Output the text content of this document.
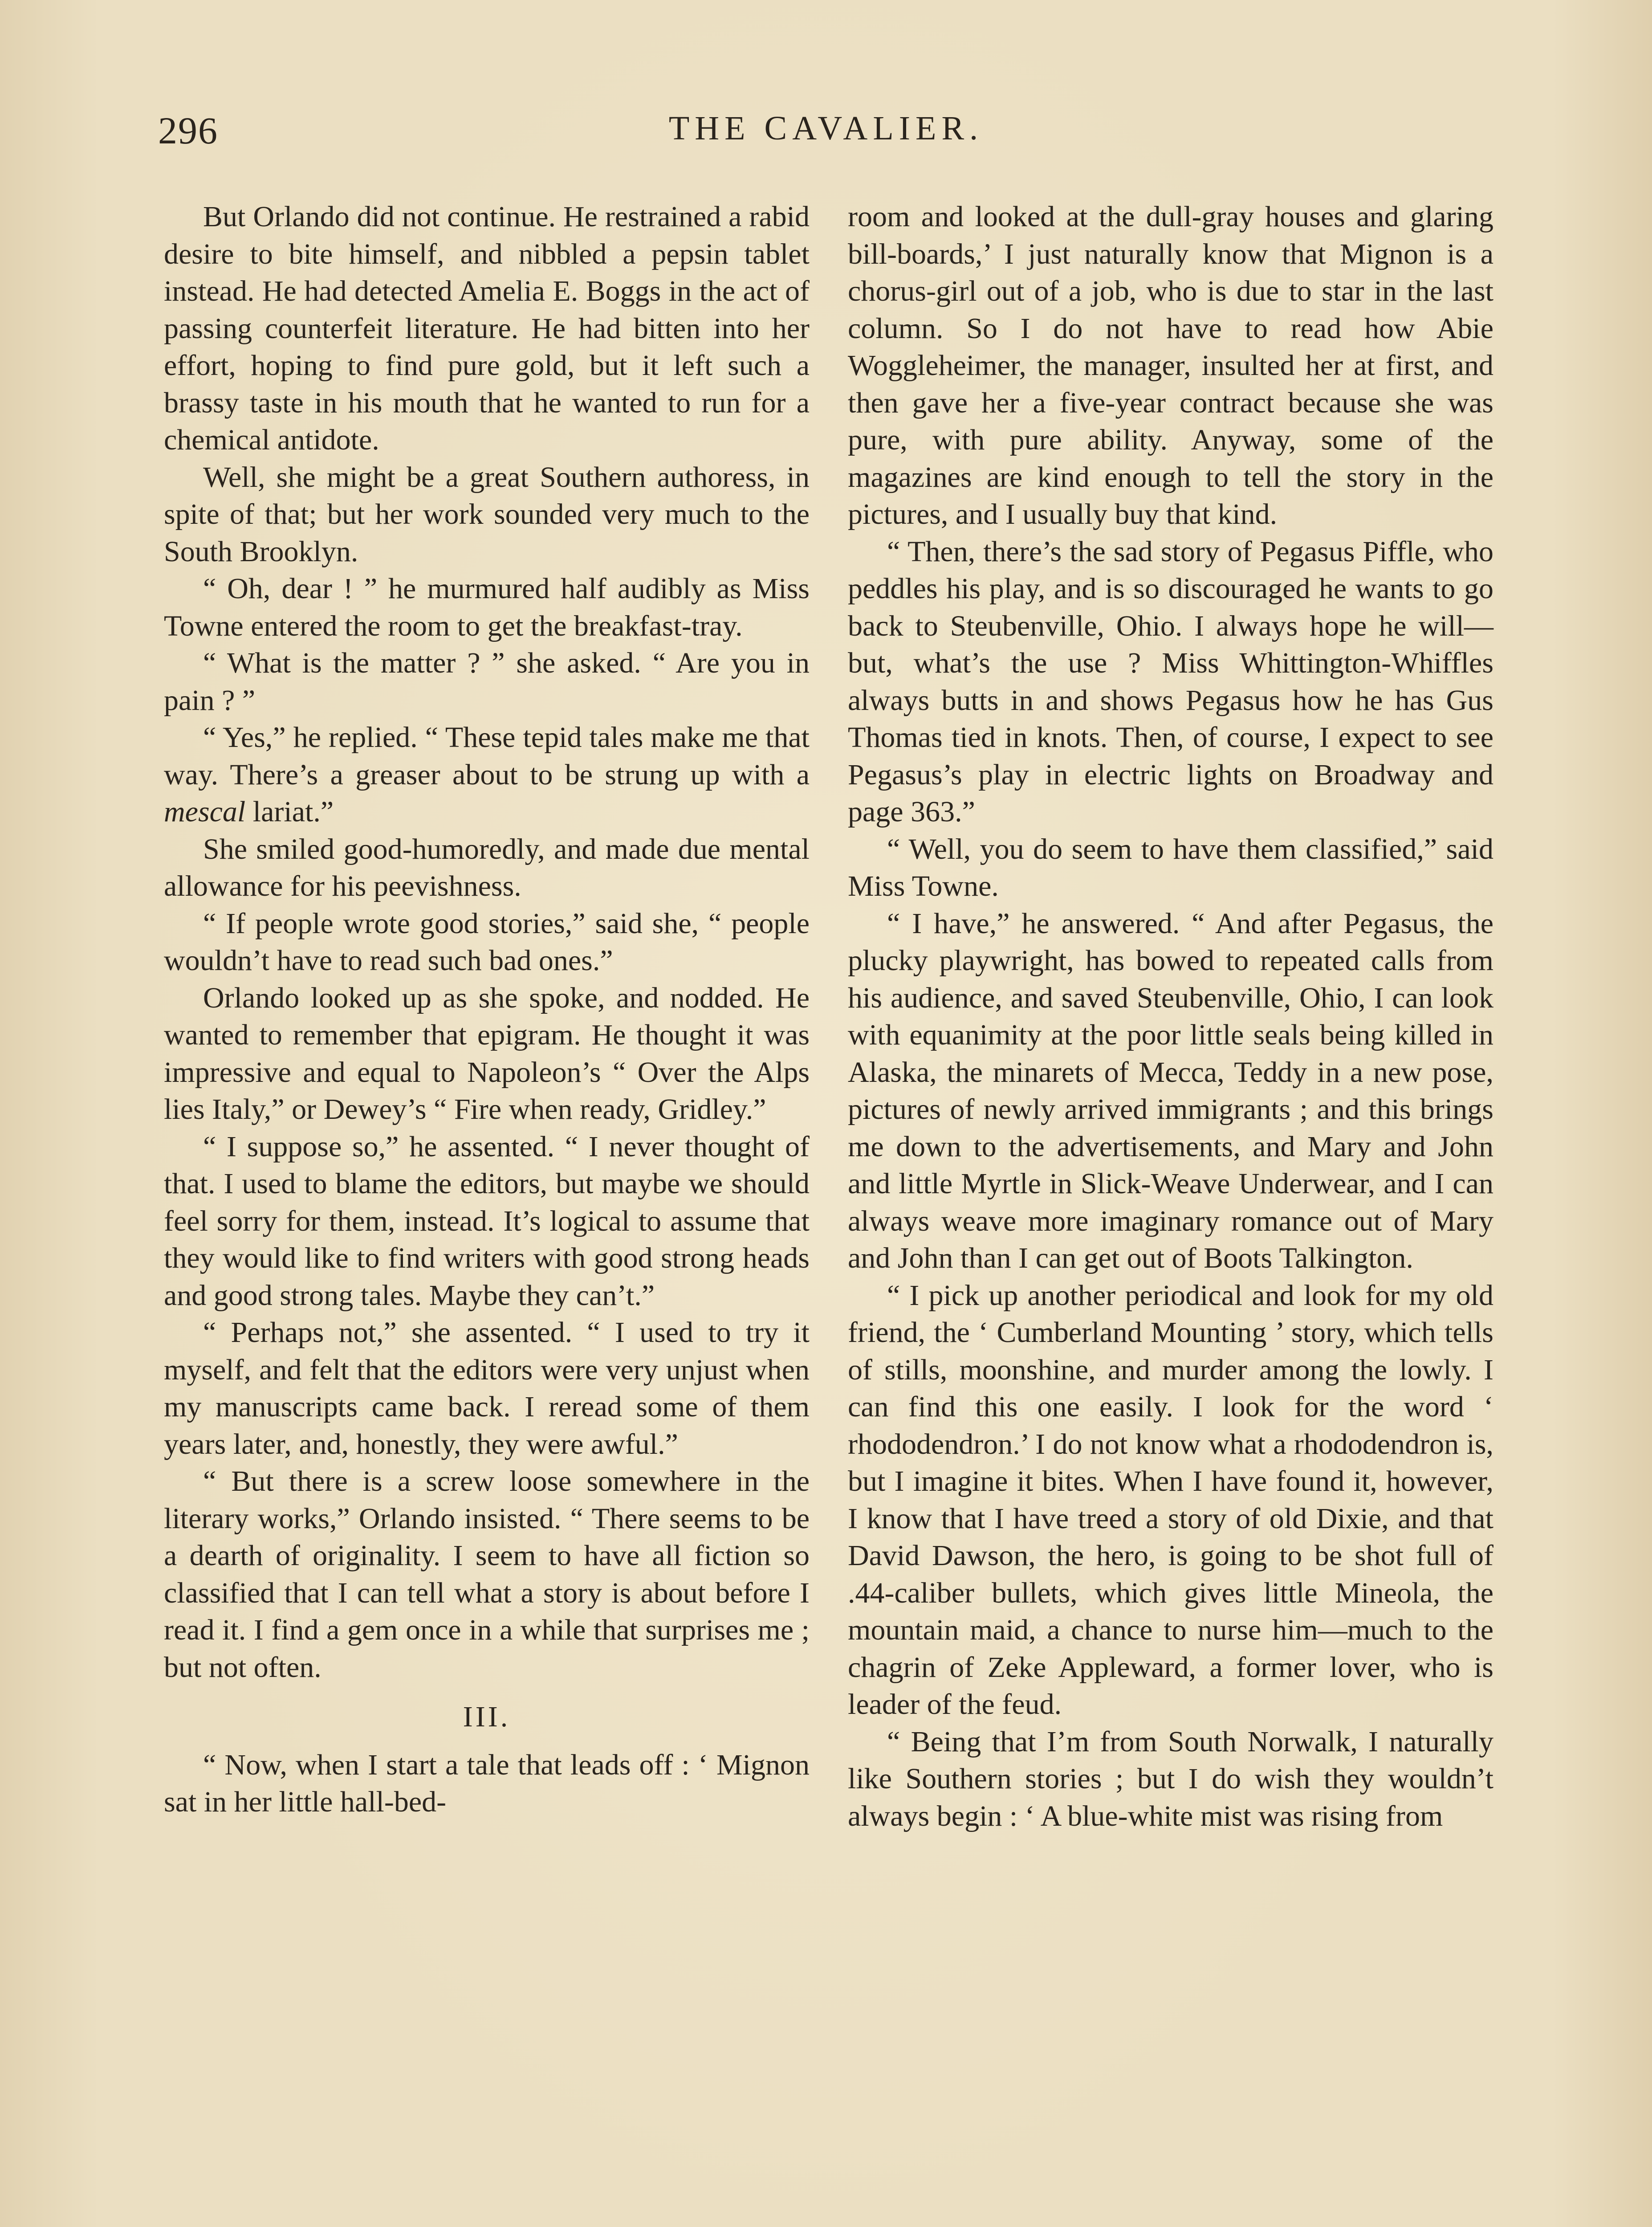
296	THE CAVALIER.

But Orlando did not continue. He restrained a rabid desire to bite himself, and nibbled a pepsin tablet instead. He had detected Amelia E. Boggs in the act of passing counterfeit literature. He had bitten into her effort, hoping to find pure gold, but it left such a brassy taste in his mouth that he wanted to run for a chemical antidote.

Well, she might be a great Southern authoress, in spite of that; but her work sounded very much to the South Brooklyn.

“ Oh, dear ! ” he murmured half audibly as Miss Towne entered the room to get the breakfast-tray.

“ What is the matter ? ” she asked. “ Are you in pain ? ”

“ Yes,” he replied. “ These tepid tales make me that way. There’s a greaser about to be strung up with a mescal lariat.”

She smiled good-humoredly, and made due mental allowance for his peevishness.

“ If people wrote good stories,” said she, “ people wouldn’t have to read such bad ones.”

Orlando looked up as she spoke, and nodded. He wanted to remember that epigram. He thought it was impressive and equal to Napoleon’s “ Over the Alps lies Italy,” or Dewey’s “ Fire when ready, Gridley.”

“ I suppose so,” he assented. “ I never thought of that. I used to blame the editors, but maybe we should feel sorry for them, instead. It’s logical to assume that they would like to find writers with good strong heads and good strong tales. Maybe they can’t.”

“ Perhaps not,” she assented. “ I used to try it myself, and felt that the editors were very unjust when my manuscripts came back. I reread some of them years later, and, honestly, they were awful.”

“ But there is a screw loose somewhere in the literary works,” Orlando insisted. “ There seems to be a dearth of originality. I seem to have all fiction so classified that I can tell what a story is about before I read it. I find a gem once in a while that surprises me ; but not often.

III.

“ Now, when I start a tale that leads off : ‘ Mignon sat in her little hall-bed-

room and looked at the dull-gray houses and glaring bill-boards,’ I just naturally know that Mignon is a chorus-girl out of a job, who is due to star in the last column. So I do not have to read how Abie Woggleheimer, the manager, insulted her at first, and then gave her a five-year contract because she was pure, with pure ability. Anyway, some of the magazines are kind enough to tell the story in the pictures, and I usually buy that kind.

“ Then, there’s the sad story of Pegasus Piffle, who peddles his play, and is so discouraged he wants to go back to Steubenville, Ohio. I always hope he will—but, what’s the use ? Miss Whittington-Whiffles always butts in and shows Pegasus how he has Gus Thomas tied in knots. Then, of course, I expect to see Pegasus’s play in electric lights on Broadway and page 363.”

“ Well, you do seem to have them classified,” said Miss Towne.

“ I have,” he answered. “ And after Pegasus, the plucky playwright, has bowed to repeated calls from his audience, and saved Steubenville, Ohio, I can look with equanimity at the poor little seals being killed in Alaska, the minarets of Mecca, Teddy in a new pose, pictures of newly arrived immigrants ; and this brings me down to the advertisements, and Mary and John and little Myrtle in Slick-Weave Underwear, and I can always weave more imaginary romance out of Mary and John than I can get out of Boots Talkington.

“ I pick up another periodical and look for my old friend, the ‘ Cumberland Mounting ’ story, which tells of stills, moonshine, and murder among the lowly. I can find this one easily. I look for the word ‘ rhododendron.’ I do not know what a rhododendron is, but I imagine it bites. When I have found it, however, I know that I have treed a story of old Dixie, and that David Dawson, the hero, is going to be shot full of .44-caliber bullets, which gives little Mineola, the mountain maid, a chance to nurse him—much to the chagrin of Zeke Appleward, a former lover, who is leader of the feud.

“ Being that I’m from South Norwalk, I naturally like Southern stories ; but I do wish they wouldn’t always begin : ‘ A blue-white mist was rising from
